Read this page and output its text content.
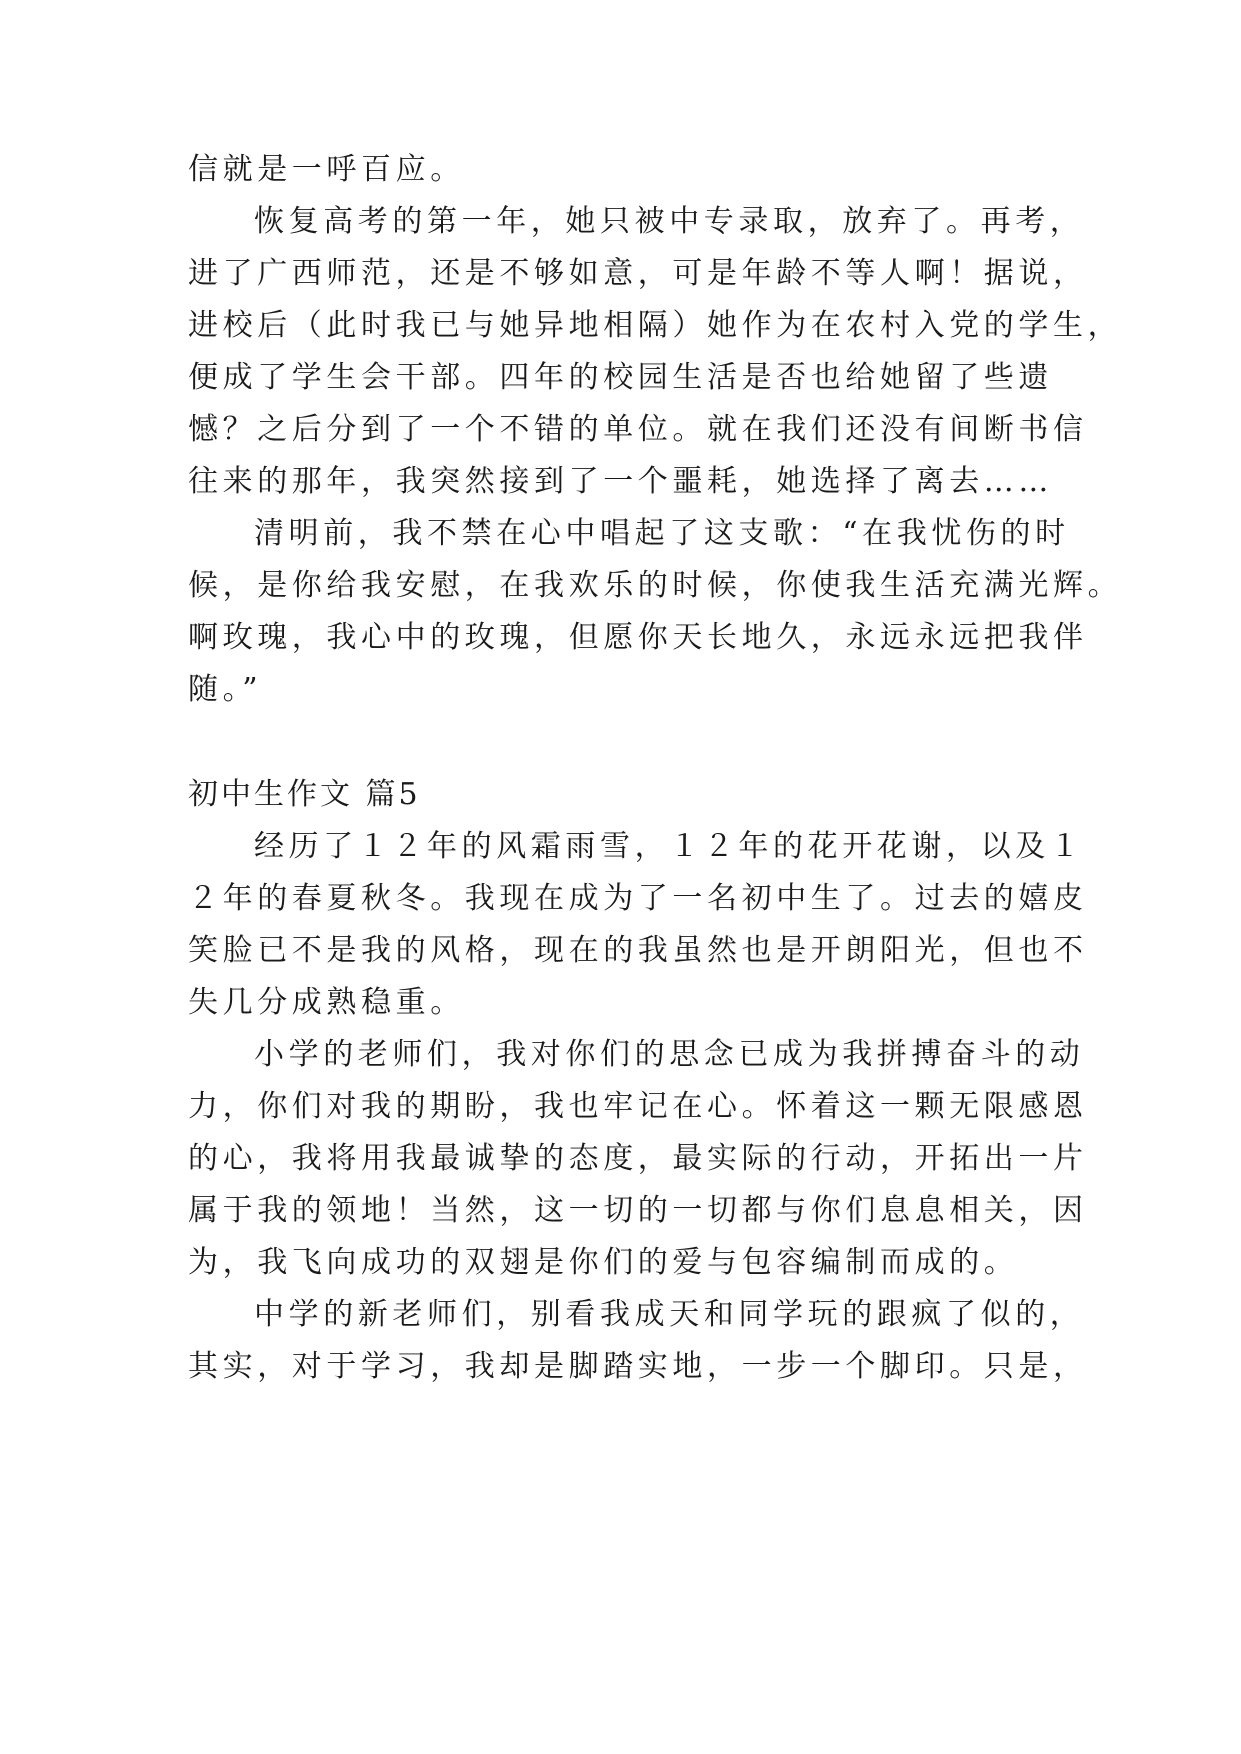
信就是一呼百应。
恢复高考的第一年，她只被中专录取，放弃了。再考，
进了广西师范，还是不够如意，可是年龄不等人啊！据说，
进校后（此时我已与她异地相隔）她作为在农村入党的学生，
便成了学生会干部。四年的校园生活是否也给她留了些遗
憾？之后分到了一个不错的单位。就在我们还没有间断书信
往来的那年，我突然接到了一个噩耗，她选择了离去……
清明前，我不禁在心中唱起了这支歌：“在我忧伤的时
候，是你给我安慰，在我欢乐的时候，你使我生活充满光辉。
啊玫瑰，我心中的玫瑰，但愿你天长地久，永远永远把我伴
随。”
初中生作文 篇5
经历了１２年的风霜雨雪，１２年的花开花谢，以及１
２年的春夏秋冬。我现在成为了一名初中生了。过去的嬉皮
笑脸已不是我的风格，现在的我虽然也是开朗阳光，但也不
失几分成熟稳重。
小学的老师们，我对你们的思念已成为我拼搏奋斗的动
力，你们对我的期盼，我也牢记在心。怀着这一颗无限感恩
的心，我将用我最诚挚的态度，最实际的行动，开拓出一片
属于我的领地！当然，这一切的一切都与你们息息相关，因
为，我飞向成功的双翅是你们的爱与包容编制而成的。
中学的新老师们，别看我成天和同学玩的跟疯了似的，
其实，对于学习，我却是脚踏实地，一步一个脚印。只是，
